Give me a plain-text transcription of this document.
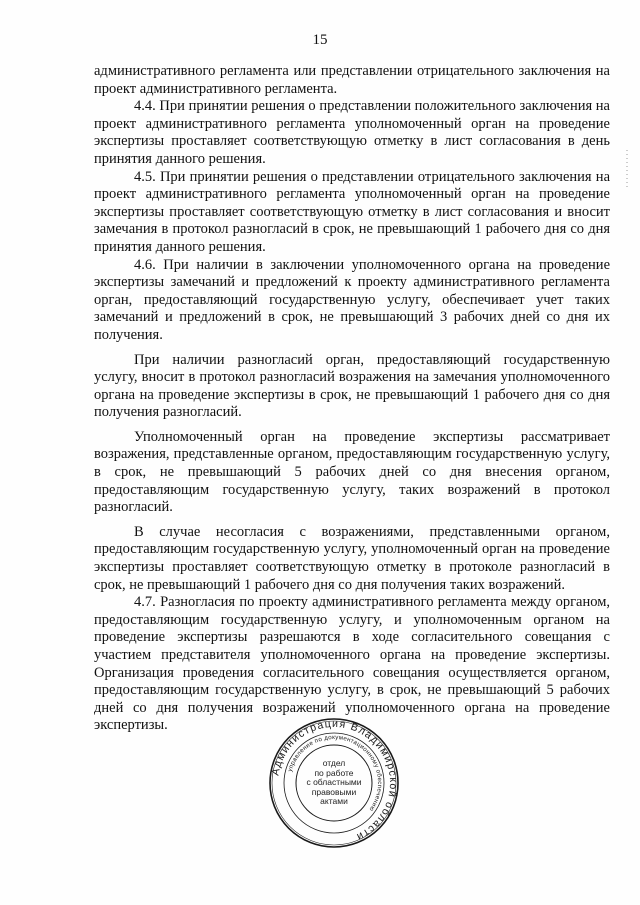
15

административного регламента или представлении отрицательного заключения на проект административного регламента.

4.4. При принятии решения о представлении положительного заключения на проект административного регламента уполномоченный орган на проведение экспертизы проставляет соответствующую отметку в лист согласования в день принятия данного решения.

4.5. При принятии решения о представлении отрицательного заключения на проект административного регламента уполномоченный орган на проведение экспертизы проставляет соответствующую отметку в лист согласования и вносит замечания в протокол разногласий в срок, не превышающий 1 рабочего дня со дня принятия данного решения.

4.6. При наличии в заключении уполномоченного органа на проведение экспертизы замечаний и предложений к проекту административного регламента орган, предоставляющий государственную услугу, обеспечивает учет таких замечаний и предложений в срок, не превышающий 3 рабочих дней со дня их получения.

При наличии разногласий орган, предоставляющий государственную услугу, вносит в протокол разногласий возражения на замечания уполномоченного органа на проведение экспертизы в срок, не превышающий 1 рабочего дня со дня получения разногласий.

Уполномоченный орган на проведение экспертизы рассматривает возражения, представленные органом, предоставляющим государственную услугу, в срок, не превышающий 5 рабочих дней со дня внесения органом, предоставляющим государственную услугу, таких возражений в протокол разногласий.

В случае несогласия с возражениями, представленными органом, предоставляющим государственную услугу, уполномоченный орган на проведение экспертизы проставляет соответствующую отметку в протоколе разногласий в срок, не превышающий 1 рабочего дня со дня получения таких возражений.

4.7. Разногласия по проекту административного регламента между органом, предоставляющим государственную услугу, и уполномоченным органом на проведение экспертизы разрешаются в ходе согласительного совещания с участием представителя уполномоченного органа на проведение экспертизы. Организация проведения согласительного совещания осуществляется органом, предоставляющим государственную услугу, в срок, не превышающий 5 рабочих дней со дня получения возражений уполномоченного органа на проведение экспертизы.

Администрация Владимирской области
управление по документационному обеспечению
отдел
по работе
с областными
правовыми
актами
